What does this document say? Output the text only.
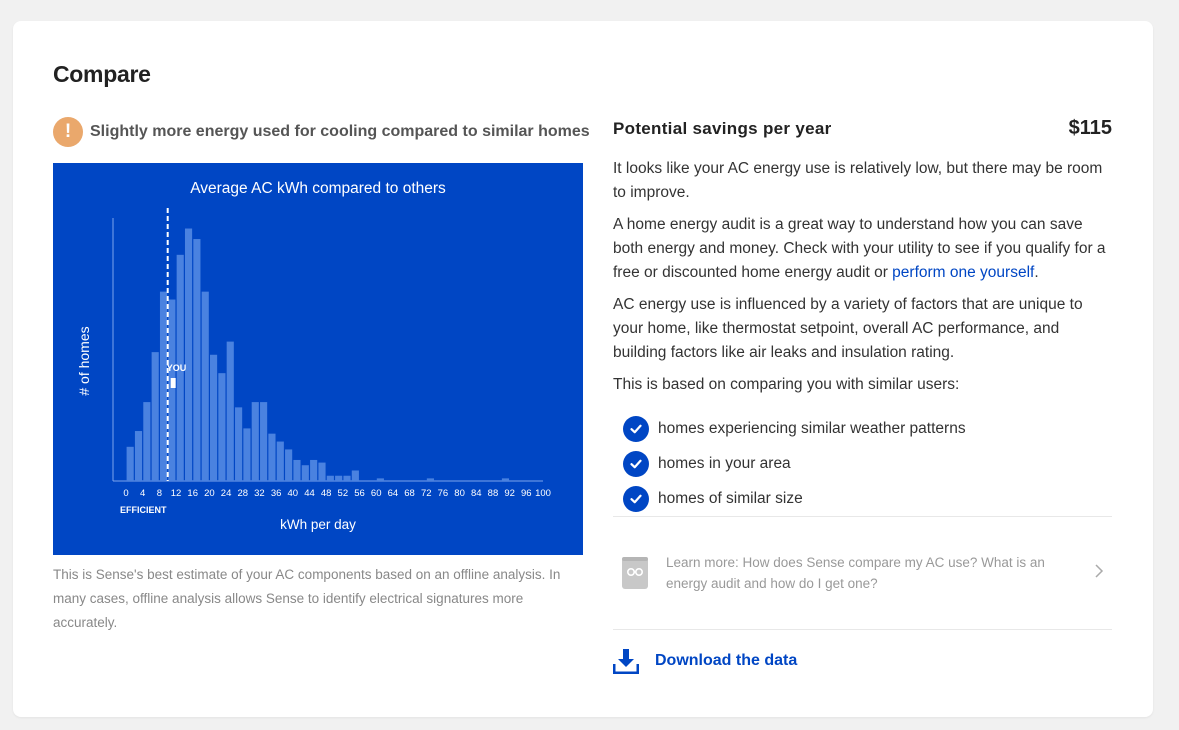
Compare
!	Slightly more energy used for cooling compared to similar homes
Average AC kWh compared to others
0 4 8 12 16 20 24 28 32 36 40 44 48 52 56 60 64 68 72 76 80 84 88 92 96 100
YOU
EFFICIENT
kWh per day
# of homes
This is Sense's best estimate of your AC components based on an offline analysis. In many cases, offline analysis allows Sense to identify electrical signatures more accurately.
Potential savings per year	$115

It looks like your AC energy use is relatively low, but there may be room to improve.

A home energy audit is a great way to understand how you can save both energy and money. Check with your utility to see if you qualify for a free or discounted home energy audit or perform one yourself.

AC energy use is influenced by a variety of factors that are unique to your home, like thermostat setpoint, overall AC performance, and building factors like air leaks and insulation rating.

This is based on comparing you with similar users:

homes experiencing similar weather patterns
homes in your area
homes of similar size
Learn more: How does Sense compare my AC use? What is an energy audit and how do I get one?
Download the data
